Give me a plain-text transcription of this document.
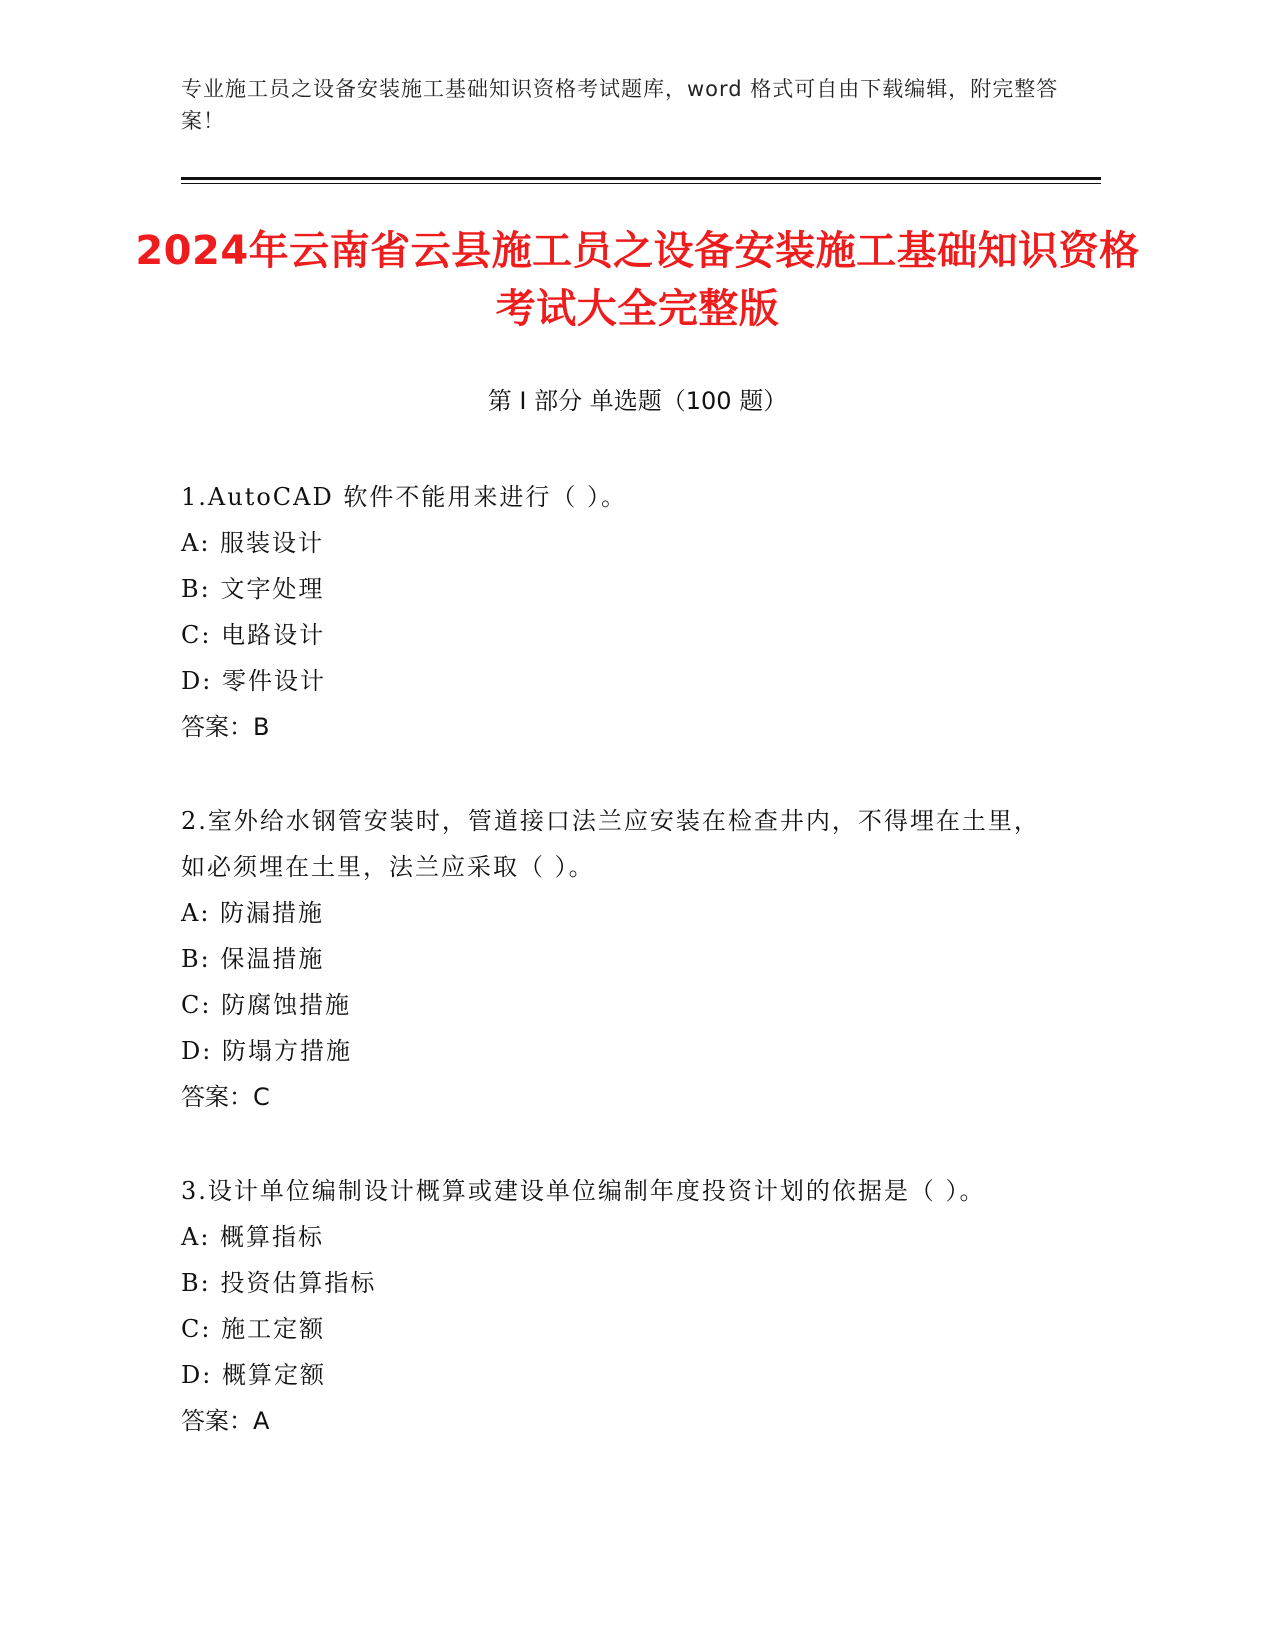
专业施工员之设备安装施工基础知识资格考试题库，word 格式可自由下载编辑，附完整答案！
2024年云南省云县施工员之设备安装施工基础知识资格考试大全完整版
第 I 部分 单选题（100 题）
1.AutoCAD 软件不能用来进行（ ）。
A: 服装设计
B: 文字处理
C: 电路设计
D: 零件设计
答案：B
2.室外给水钢管安装时，管道接口法兰应安装在检查井内，不得埋在土里，如必须埋在土里，法兰应采取（ ）。
A: 防漏措施
B: 保温措施
C: 防腐蚀措施
D: 防塌方措施
答案：C
3.设计单位编制设计概算或建设单位编制年度投资计划的依据是（ ）。
A: 概算指标
B: 投资估算指标
C: 施工定额
D: 概算定额
答案：A
